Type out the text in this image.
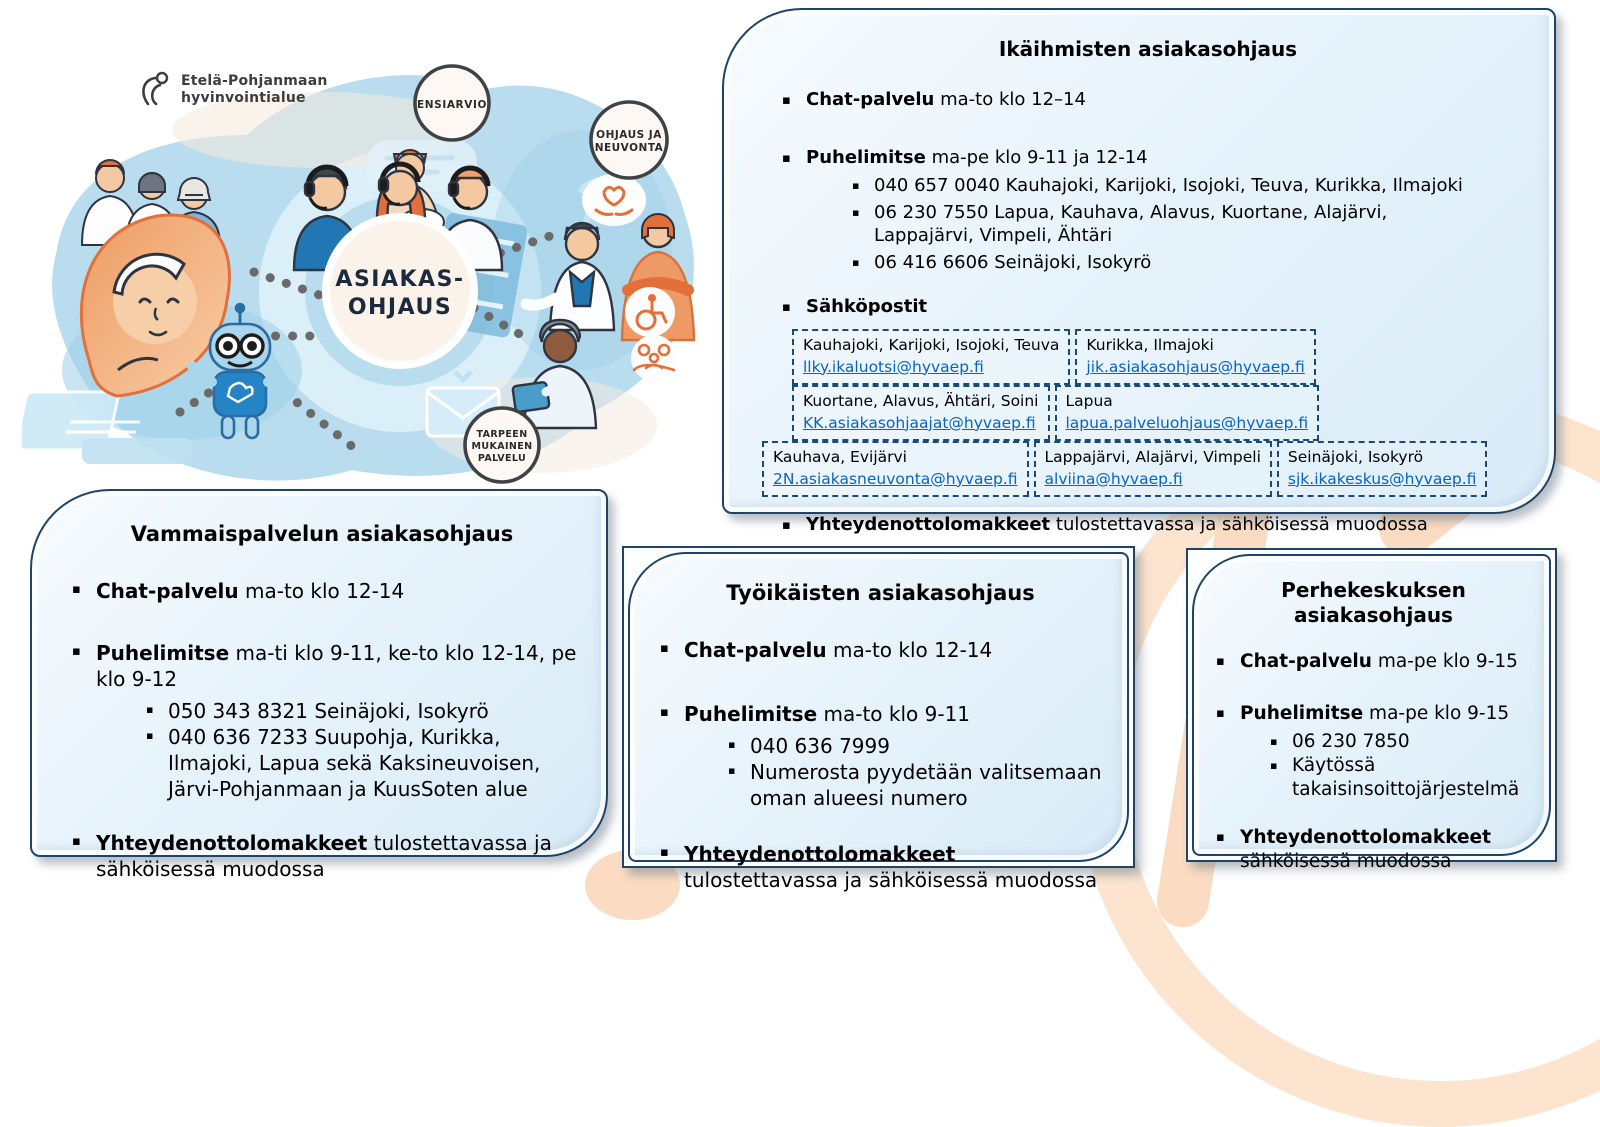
Etelä-Pohjanmaan
hyvinvointialue
ASIAKAS-
OHJAUS
ENSIARVIO
OHJAUS JA
NEUVONTA
TARPEEN
MUKAINEN
PALVELU
Ikäihmisten asiakasohjaus
▪ Chat-palvelu ma-to klo 12–14
▪ Puhelimitse ma-pe klo 9-11 ja 12-14
▪ 040 657 0040 Kauhajoki, Karijoki, Isojoki, Teuva, Kurikka, Ilmajoki
▪ 06 230 7550 Lapua, Kauhava, Alavus, Kuortane, Alajärvi, Lappajärvi, Vimpeli, Ähtäri
▪ 06 416 6606 Seinäjoki, Isokyrö
▪ Sähköpostit
Kauhajoki, Karijoki, Isojoki, Teuva
llky.ikaluotsi@hyvaep.fi
Kurikka, Ilmajoki
jik.asiakasohjaus@hyvaep.fi
Kuortane, Alavus, Ähtäri, Soini
KK.asiakasohjaajat@hyvaep.fi
Lapua
lapua.palveluohjaus@hyvaep.fi
Kauhava, Evijärvi
2N.asiakasneuvonta@hyvaep.fi
Lappajärvi, Alajärvi, Vimpeli
alviina@hyvaep.fi
Seinäjoki, Isokyrö
sjk.ikakeskus@hyvaep.fi
▪ Yhteydenottolomakkeet tulostettavassa ja sähköisessä muodossa
Vammaispalvelun asiakasohjaus
▪ Chat-palvelu ma-to klo 12-14
▪ Puhelimitse ma-ti klo 9-11, ke-to klo 12-14, pe klo 9-12
▪ 050 343 8321 Seinäjoki, Isokyrö
▪ 040 636 7233 Suupohja, Kurikka, Ilmajoki, Lapua sekä Kaksineuvoisen, Järvi-Pohjanmaan ja KuusSoten alue
▪ Yhteydenottolomakkeet tulostettavassa ja sähköisessä muodossa
Työikäisten asiakasohjaus
▪ Chat-palvelu ma-to klo 12-14
▪ Puhelimitse ma-to klo 9-11
▪ 040 636 7999
▪ Numerosta pyydetään valitsemaan oman alueesi numero
▪ Yhteydenottolomakkeet tulostettavassa ja sähköisessä muodossa
Perhekeskuksen
asiakasohjaus
▪ Chat-palvelu ma-pe klo 9-15
▪ Puhelimitse ma-pe klo 9-15
▪ 06 230 7850
▪ Käytössä takaisinsoittojärjestelmä
▪ Yhteydenottolomakkeet sähköisessä muodossa
